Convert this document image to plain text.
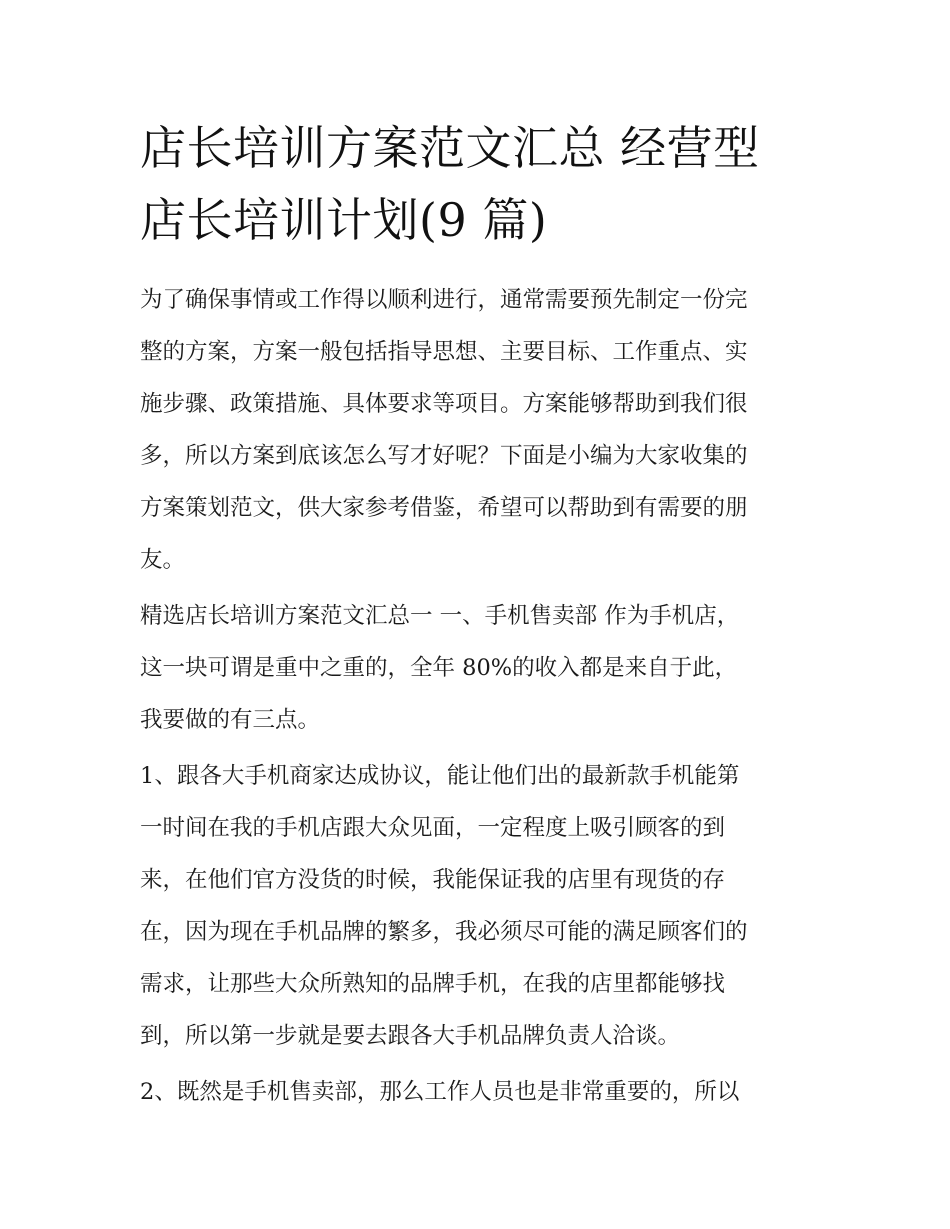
店长培训方案范文汇总 经营型
店长培训计划(9 篇)

为了确保事情或工作得以顺利进行，通常需要预先制定一份完
整的方案，方案一般包括指导思想、主要目标、工作重点、实
施步骤、政策措施、具体要求等项目。方案能够帮助到我们很
多，所以方案到底该怎么写才好呢？下面是小编为大家收集的
方案策划范文，供大家参考借鉴，希望可以帮助到有需要的朋
友。

精选店长培训方案范文汇总一 一、手机售卖部 作为手机店，
这一块可谓是重中之重的，全年 80%的收入都是来自于此，
我要做的有三点。

1、跟各大手机商家达成协议，能让他们出的最新款手机能第
一时间在我的手机店跟大众见面，一定程度上吸引顾客的到
来，在他们官方没货的时候，我能保证我的店里有现货的存
在，因为现在手机品牌的繁多，我必须尽可能的满足顾客们的
需求，让那些大众所熟知的品牌手机，在我的店里都能够找
到，所以第一步就是要去跟各大手机品牌负责人洽谈。

2、既然是手机售卖部，那么工作人员也是非常重要的，所以
